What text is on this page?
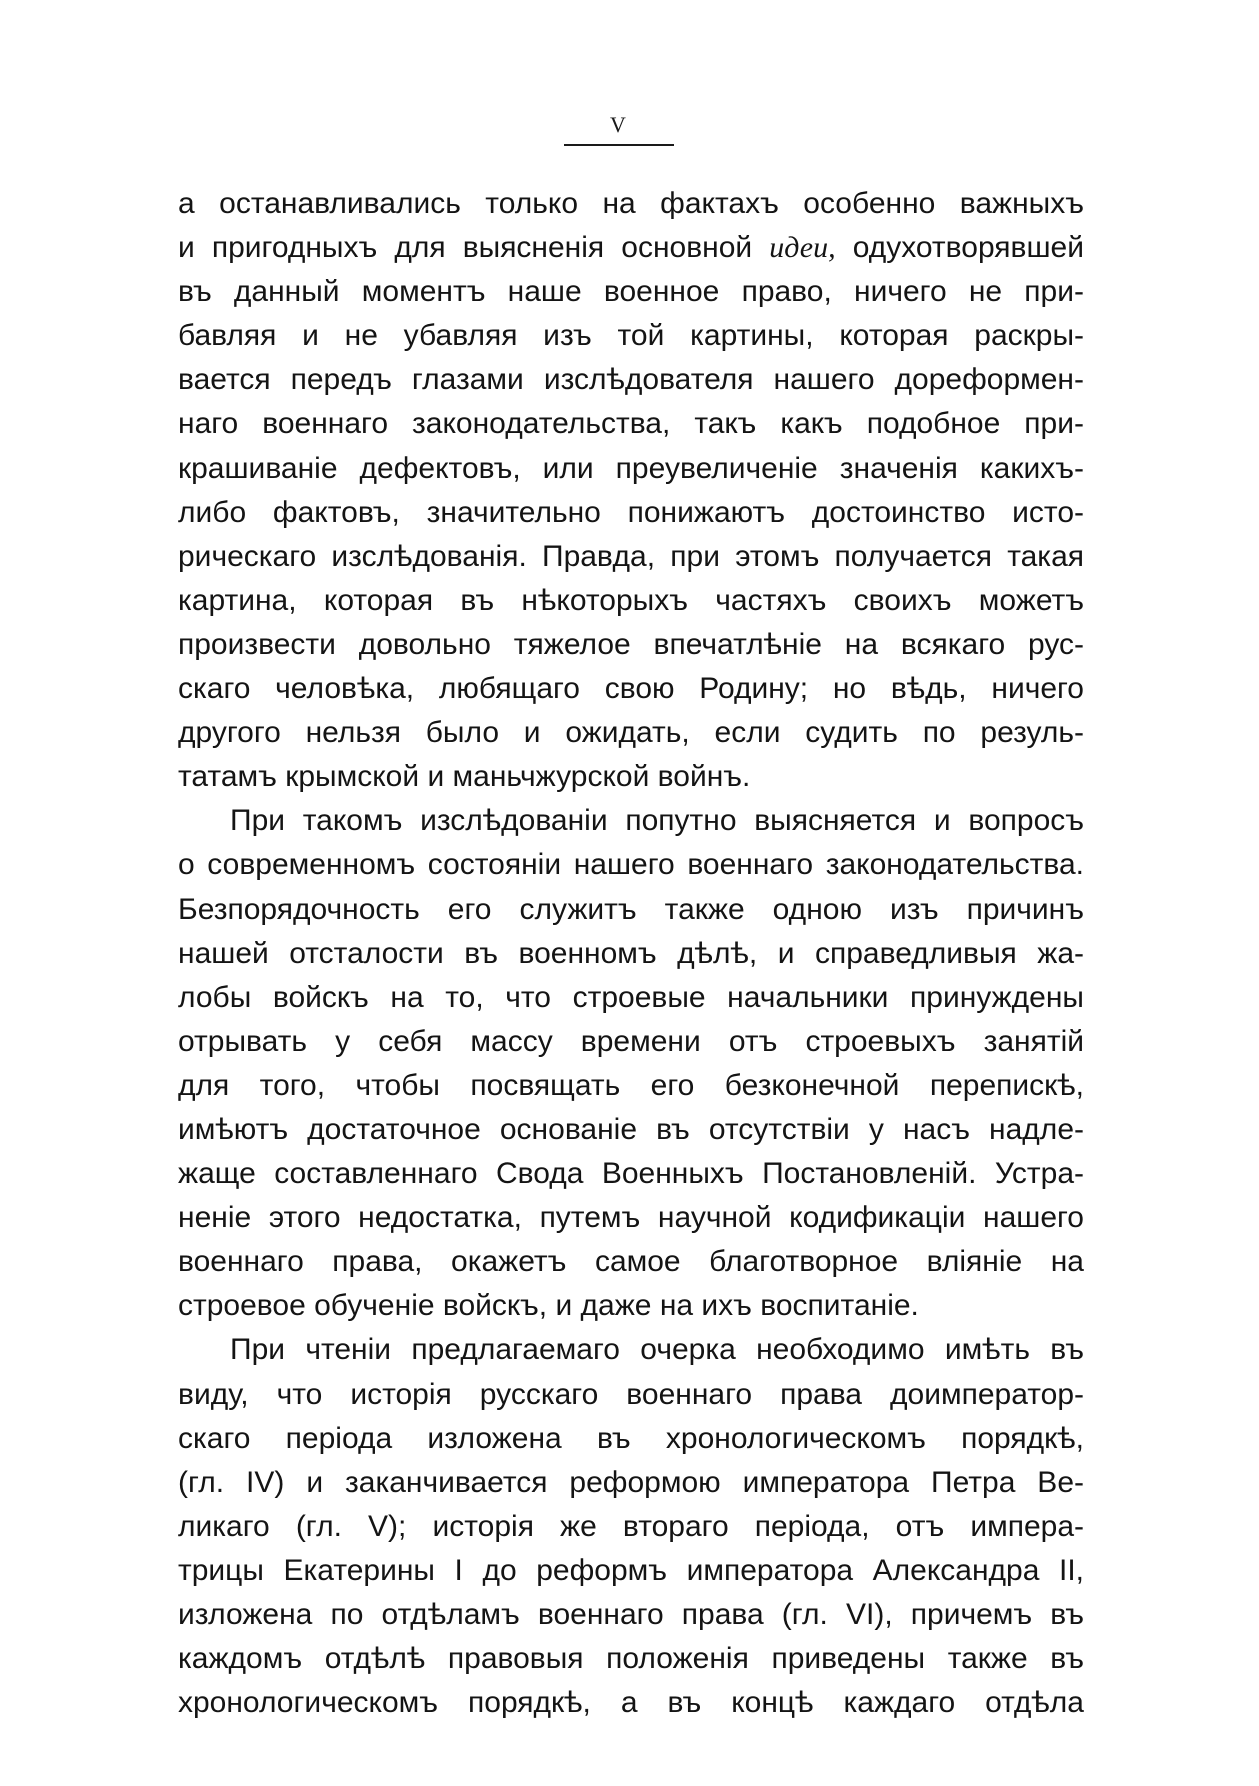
V
а останавливались только на фактахъ особенно важныхъ
и пригодныхъ для выясненія основной идеи, одухотворявшей
въ данный моментъ наше военное право, ничего не при-
бавляя и не убавляя изъ той картины, которая раскры-
вается передъ глазами изслѣдователя нашего дореформен-
наго военнаго законодательства, такъ какъ подобное при-
крашиваніе дефектовъ, или преувеличеніе значенія какихъ-
либо фактовъ, значительно понижаютъ достоинство исто-
рическаго изслѣдованія. Правда, при этомъ получается такая
картина, которая въ нѣкоторыхъ частяхъ своихъ можетъ
произвести довольно тяжелое впечатлѣніе на всякаго рус-
скаго человѣка, любящаго свою Родину; но вѣдь, ничего
другого нельзя было и ожидать, если судить по резуль-
татамъ крымской и маньчжурской войнъ.
При такомъ изслѣдованіи попутно выясняется и вопросъ
о современномъ состояніи нашего военнаго законодательства.
Безпорядочность его служитъ также одною изъ причинъ
нашей отсталости въ военномъ дѣлѣ, и справедливыя жа-
лобы войскъ на то, что строевые начальники принуждены
отрывать у себя массу времени отъ строевыхъ занятій
для того, чтобы посвящать его безконечной перепискѣ,
имѣютъ достаточное основаніе въ отсутствіи у насъ надле-
жаще составленнаго Свода Военныхъ Постановленій. Устра-
неніе этого недостатка, путемъ научной кодификаціи нашего
военнаго права, окажетъ самое благотворное вліяніе на
строевое обученіе войскъ, и даже на ихъ воспитаніе.
При чтеніи предлагаемаго очерка необходимо имѣть въ
виду, что исторія русскаго военнаго права доимператор-
скаго періода изложена въ хронологическомъ порядкѣ,
(гл. IV) и заканчивается реформою императора Петра Ве-
ликаго (гл. V); исторія же втораго періода, отъ импера-
трицы Екатерины I до реформъ императора Александра II,
изложена по отдѣламъ военнаго права (гл. VI), причемъ въ
каждомъ отдѣлѣ правовыя положенія приведены также въ
хронологическомъ порядкѣ, а въ концѣ каждаго отдѣла
